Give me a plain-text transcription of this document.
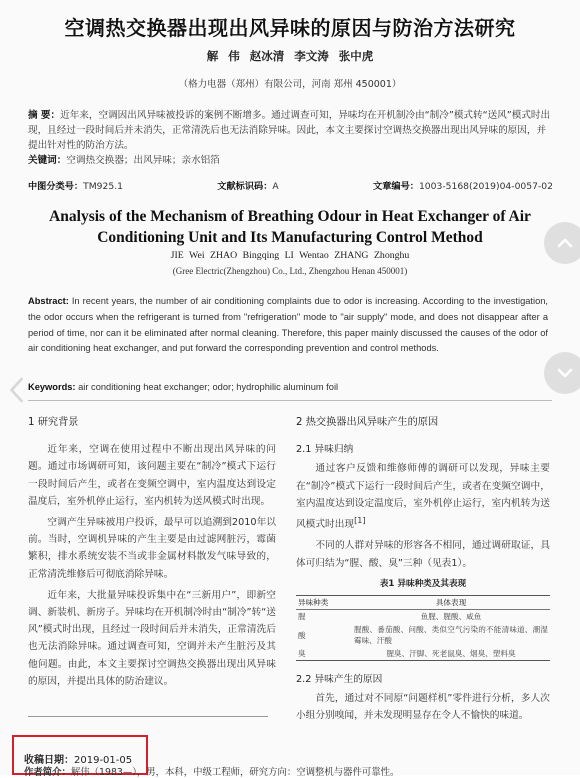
空调热交换器出现出风异味的原因与防治方法研究
解 伟 赵冰清 李文涛 张中虎
（格力电器（郑州）有限公司，河南 郑州 450001）
摘 要：近年来，空调因出风异味被投诉的案例不断增多。通过调查可知，异味均在开机制冷由“制冷”模式转“送风”模式时出现，且经过一段时间后并未消失，正常清洗后也无法消除异味。因此，本文主要探讨空调热交换器出现出风异味的原因，并提出针对性的防治方法。
关键词：空调热交换器；出风异味；亲水铝箔
中图分类号：TM925.1	文献标识码：A	文章编号：1003-5168(2019)04-0057-02
Analysis of the Mechanism of Breathing Odour in Heat Exchanger of Air Conditioning Unit and Its Manufacturing Control Method
JIE Wei ZHAO Bingqing LI Wentao ZHANG Zhonghu
(Gree Electric(Zhengzhou) Co., Ltd., Zhengzhou Henan 450001)
Abstract: In recent years, the number of air conditioning complaints due to odor is increasing. According to the investigation, the odor occurs when the refrigerant is turned from "refrigeration" mode to "air supply" mode, and does not disappear after a period of time, nor can it be eliminated after normal cleaning. Therefore, this paper mainly discussed the causes of the odor of air conditioning heat exchanger, and put forward the corresponding prevention and control methods.
Keywords: air conditioning heat exchanger; odor; hydrophilic aluminum foil
1 研究背景

近年来，空调在使用过程中不断出现出风异味的问题。通过市场调研可知，该问题主要在“制冷”模式下运行一段时间后产生，或者在变频空调中，室内温度达到设定温度后，室外机停止运行，室内机转为送风模式时出现。

空调产生异味被用户投诉，最早可以追溯到2010年以前。当时，空调机异味的产生主要是由过滤网脏污，霉菌繁积，排水系统安装不当或非金属材料散发气味导致的，正常清洗维修后可彻底消除异味。

近年来，大批量异味投诉集中在“三新用户”，即新空调、新装机、新房子。异味均在开机制冷时由“制冷”转“送风”模式时出现，且经过一段时间后并未消失，正常清洗后也无法消除异味。通过调查可知，空调并未产生脏污及其他问题。由此，本文主要探讨空调热交换器出现出风异味的原因，并提出具体的防治建议。

2 热交换器出风异味产生的原因
2.1 异味归纳

通过客户反馈和维修师傅的调研可以发现，异味主要在“制冷”模式下运行一段时间后产生，或者在变频空调中，室内温度达到设定温度后，室外机停止运行，室内机转为送风模式时出现[1]

不同的人群对异味的形容各不相同，通过调研取证，具体可归结为“腥、酸、臭”三种（见表1）。

表1 异味种类及其表现
异味种类	具体表现
腥	鱼腥、腥酸、咸鱼
酸	腥酸、番茄酸、问酸、类似空气污染的不能清味道、潮湿霉味、汗酸
臭	腥臭、汗脚、死老鼠臭、烟臭、塑料臭
2.2 异味产生的原因

首先，通过对不同原“问题样机”零件进行分析，多人次小组分别嗅闻，并未发现明显存在令人不愉快的味道。

收稿日期：2019-01-05
作者简介：解伟（1983—），男，本科，中级工程师，研究方向：空调整机与器件可靠性。
